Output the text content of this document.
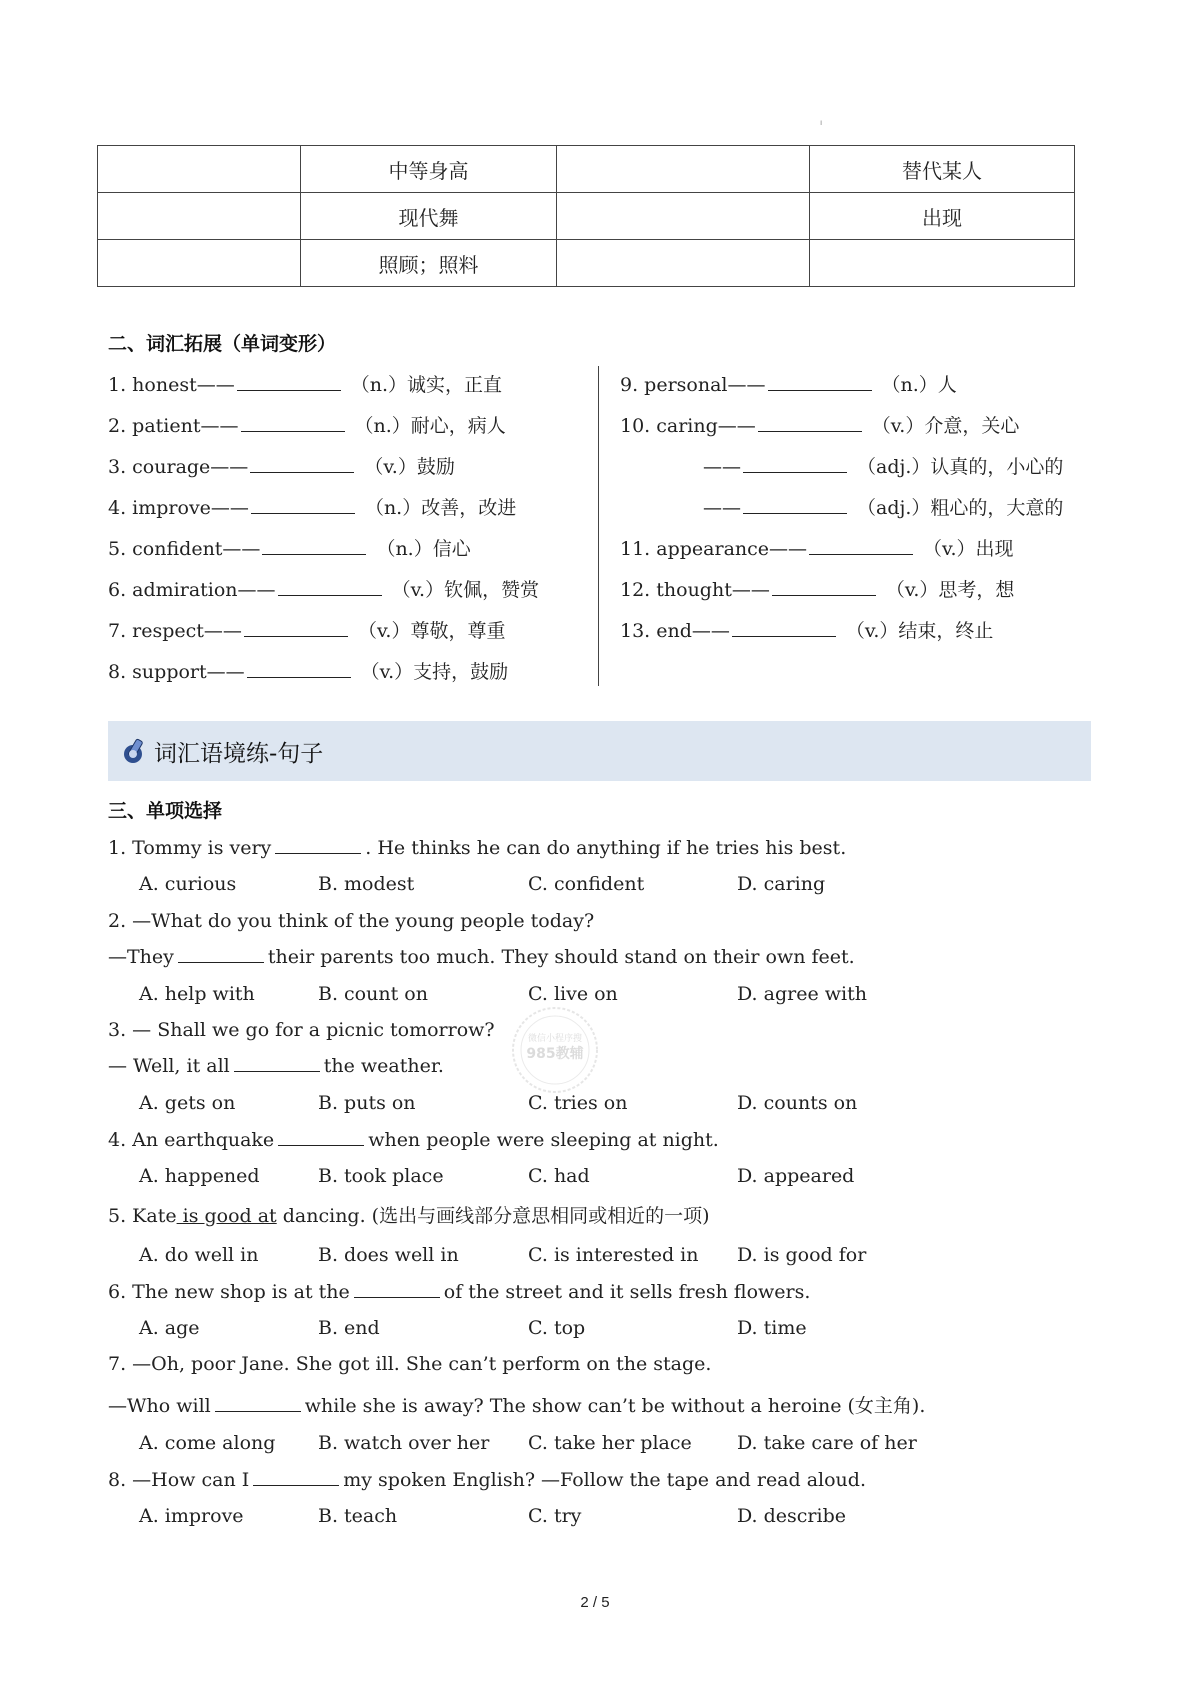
ı
	中等身高		替代某人
	现代舞		出现
	照顾；照料		
二、词汇拓展（单词变形）
1. honest——	（n.）诚实，正直
2. patient——	（n.）耐心，病人
3. courage——	（v.）鼓励
4. improve——	（n.）改善，改进
5. confident——	（n.）信心
6. admiration——	（v.）钦佩，赞赏
7. respect——	（v.）尊敬，尊重
8. support——	（v.）支持，鼓励
9. personal——	（n.）人
10. caring——	（v.）介意，关心
——	（adj.）认真的，小心的
——	（adj.）粗心的，大意的
11. appearance——	（v.）出现
12. thought——	（v.）思考，想
13. end——	（v.）结束，终止
词汇语境练-句子
三、单项选择
1. Tommy is very	. He thinks he can do anything if he tries his best.
A. curious	B. modest	C. confident	D. caring
2. —What do you think of the young people today?
—They	their parents too much. They should stand on their own feet.
A. help with	B. count on	C. live on	D. agree with
3. — Shall we go for a picnic tomorrow?
— Well, it all	the weather.
A. gets on	B. puts on	C. tries on	D. counts on
微信小程序搜
985教辅
4. An earthquake	when people were sleeping at night.
A. happened	B. took place	C. had	D. appeared
5. Kate is good at dancing. (选出与画线部分意思相同或相近的一项)
A. do well in	B. does well in	C. is interested in D. is good for
6. The new shop is at the	of the street and it sells fresh flowers.
A. age	B. end	C. top	D. time
7. —Oh, poor Jane. She got ill. She can’t perform on the stage.
—Who will	while she is away? The show can’t be without a heroine (女主角).
A. come along B. watch over her C. take her place D. take care of her
8. —How can I	my spoken English? —Follow the tape and read aloud.
A. improve	B. teach	C. try	D. describe
2 / 5
